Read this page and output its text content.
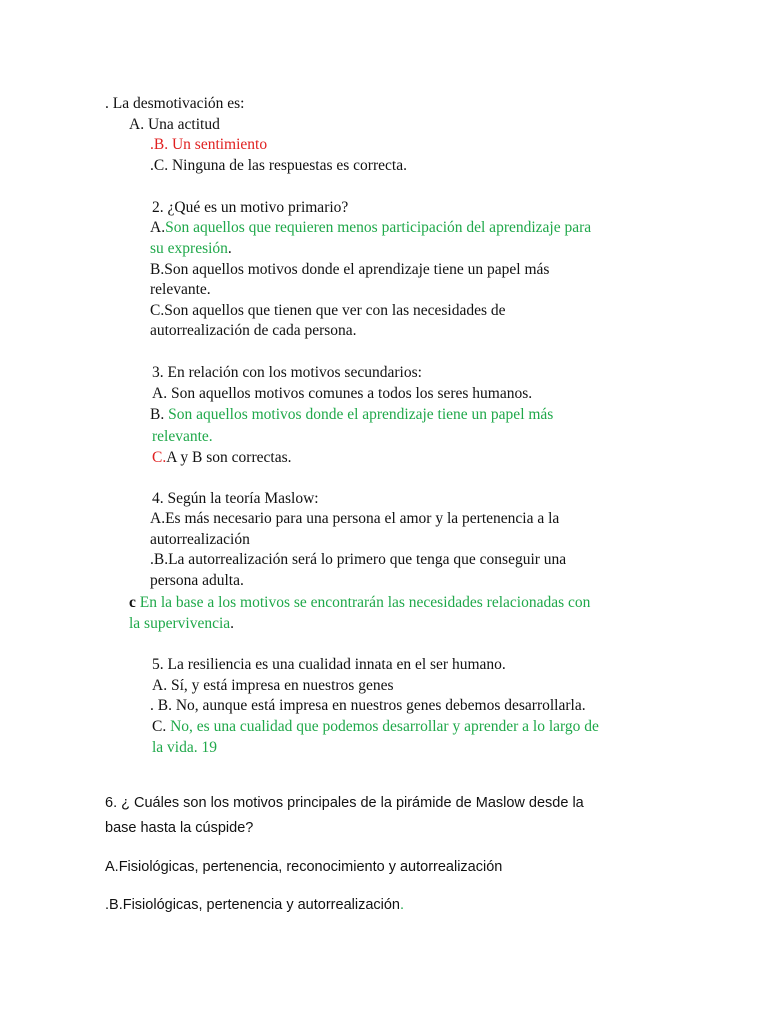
. La desmotivación es:
A. Una actitud
.B. Un sentimiento
.C. Ninguna de las respuestas es correcta.
2. ¿Qué es un motivo primario?
A.Son aquellos que requieren menos participación del aprendizaje para
su expresión.
B.Son aquellos motivos donde el aprendizaje tiene un papel más
relevante.
C.Son aquellos que tienen que ver con las necesidades de
autorrealización de cada persona.
3. En relación con los motivos secundarios:
A. Son aquellos motivos comunes a todos los seres humanos.
B. Son aquellos motivos donde el aprendizaje tiene un papel más
relevante.
C.A y B son correctas.
4. Según la teoría Maslow:
A.Es más necesario para una persona el amor y la pertenencia a la
autorrealización
.B.La autorrealización será lo primero que tenga que conseguir una
persona adulta.
c En la base a los motivos se encontrarán las necesidades relacionadas con
la supervivencia.
5. La resiliencia es una cualidad innata en el ser humano.
A. Sí, y está impresa en nuestros genes
. B. No, aunque está impresa en nuestros genes debemos desarrollarla.
C. No, es una cualidad que podemos desarrollar y aprender a lo largo de
la vida. 19
6. ¿ Cuáles son los motivos principales de la pirámide de Maslow desde la
base hasta la cúspide?
A.Fisiológicas, pertenencia, reconocimiento y autorrealización
.B.Fisiológicas, pertenencia y autorrealización.
